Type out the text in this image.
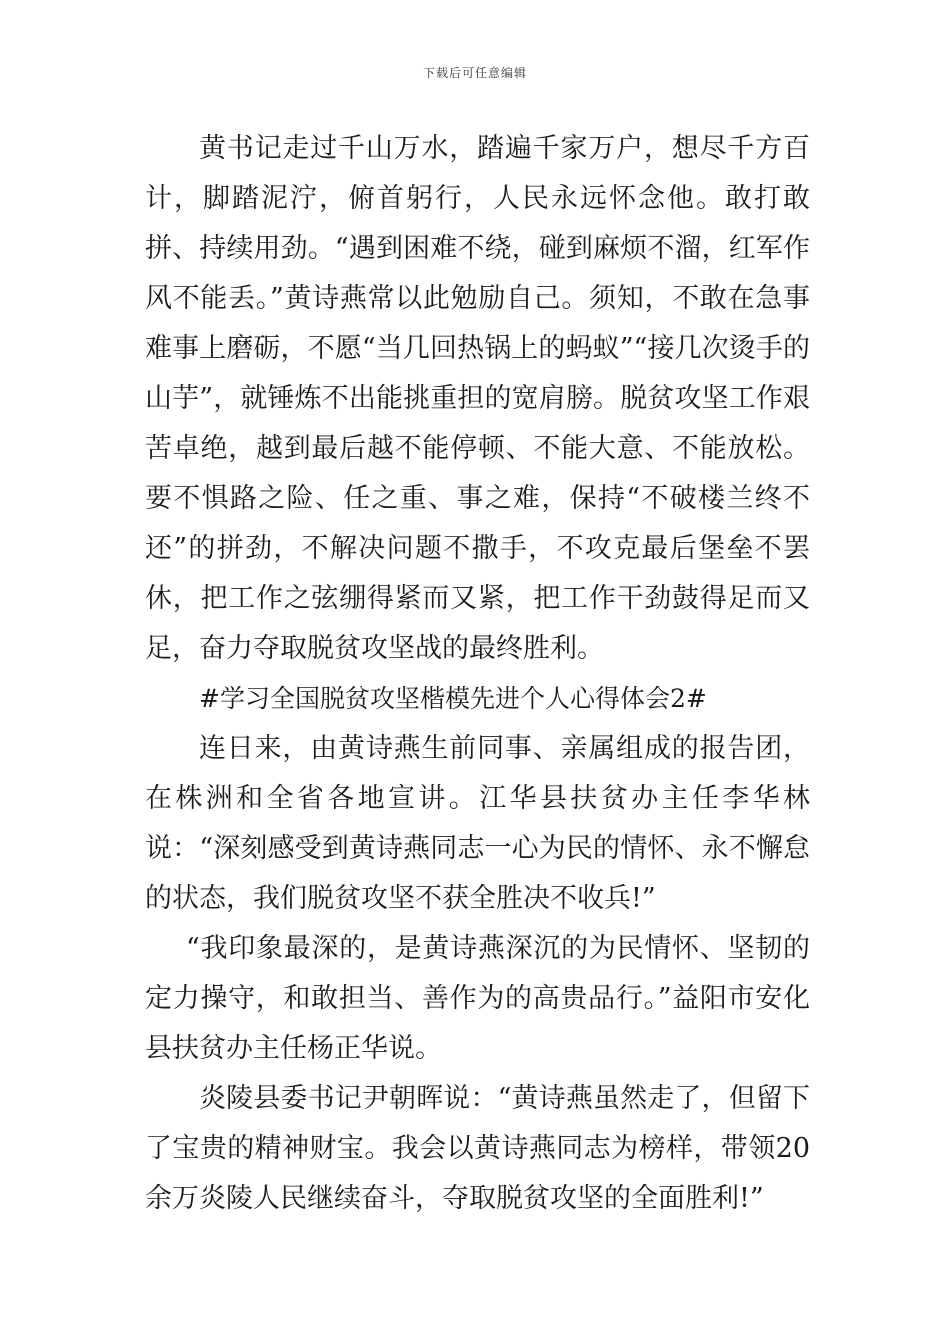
下载后可任意编辑

黄书记走过千山万水，踏遍千家万户，想尽千方百计，脚踏泥泞，俯首躬行，人民永远怀念他。敢打敢拼、持续用劲。“遇到困难不绕，碰到麻烦不溜，红军作风不能丢。”黄诗燕常以此勉励自己。须知，不敢在急事难事上磨砺，不愿“当几回热锅上的蚂蚁”“接几次烫手的山芋”，就锤炼不出能挑重担的宽肩膀。脱贫攻坚工作艰苦卓绝，越到最后越不能停顿、不能大意、不能放松。要不惧路之险、任之重、事之难，保持“不破楼兰终不还”的拼劲，不解决问题不撒手，不攻克最后堡垒不罢休，把工作之弦绷得紧而又紧，把工作干劲鼓得足而又足，奋力夺取脱贫攻坚战的最终胜利。

#学习全国脱贫攻坚楷模先进个人心得体会2#

连日来，由黄诗燕生前同事、亲属组成的报告团，在株洲和全省各地宣讲。江华县扶贫办主任李华林说：“深刻感受到黄诗燕同志一心为民的情怀、永不懈怠的状态，我们脱贫攻坚不获全胜决不收兵!”

“我印象最深的，是黄诗燕深沉的为民情怀、坚韧的定力操守，和敢担当、善作为的高贵品行。”益阳市安化县扶贫办主任杨正华说。

炎陵县委书记尹朝晖说：“黄诗燕虽然走了，但留下了宝贵的精神财宝。我会以黄诗燕同志为榜样，带领20余万炎陵人民继续奋斗，夺取脱贫攻坚的全面胜利!”
